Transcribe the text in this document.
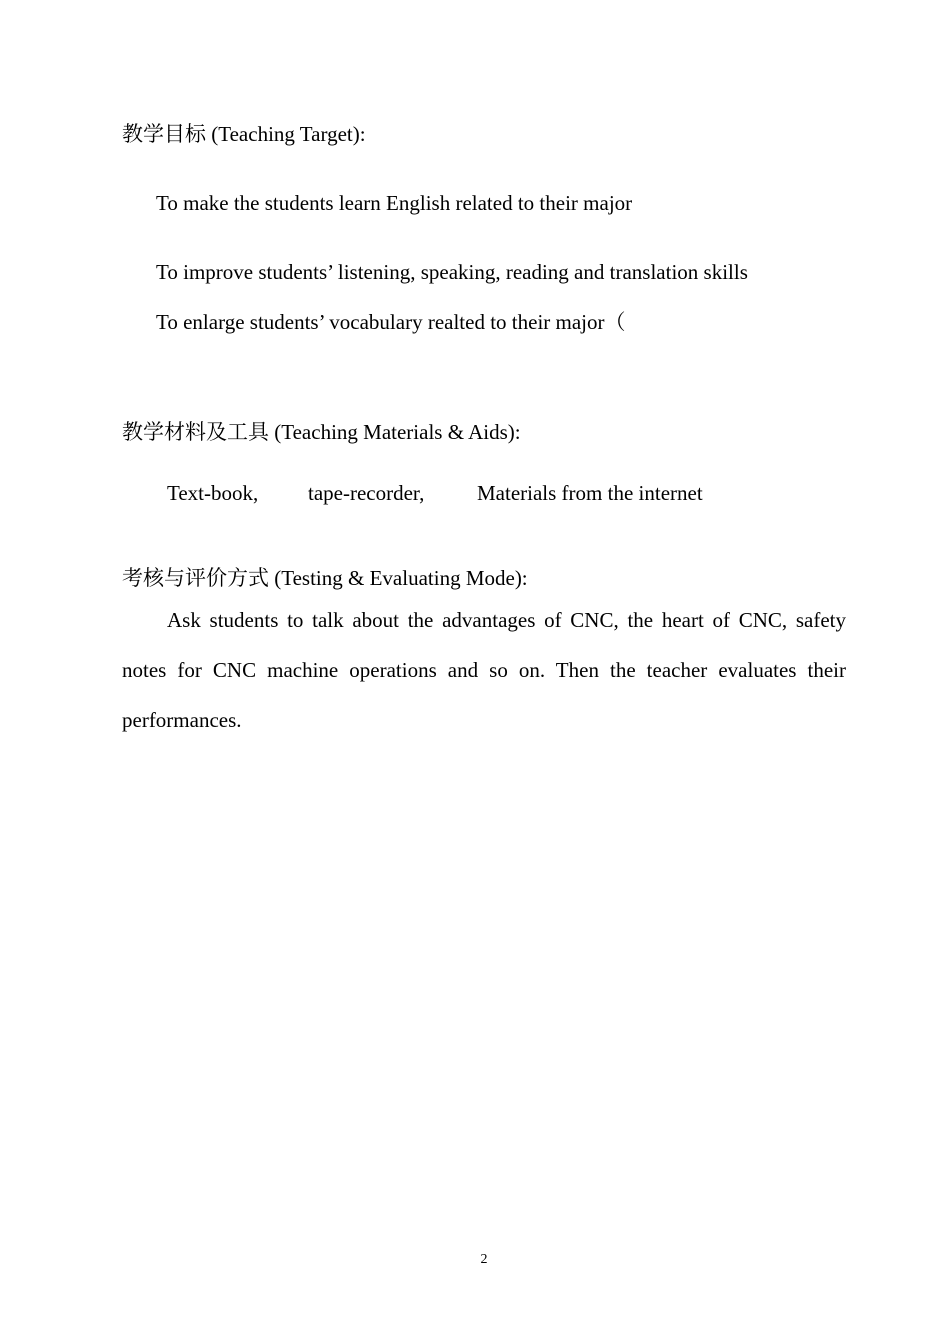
教学目标 (Teaching Target):
To make the students learn English related to their major
To improve students’ listening, speaking, reading and translation skills
To enlarge students’ vocabulary realted to their major（
教学材料及工具 (Teaching Materials & Aids):
Text-book, tape-recorder,	Materials from the internet
考核与评价方式 (Testing & Evaluating Mode):
Ask students to talk about the advantages of CNC, the heart of CNC, safety notes for CNC machine operations and so on. Then the teacher evaluates their performances.
2
